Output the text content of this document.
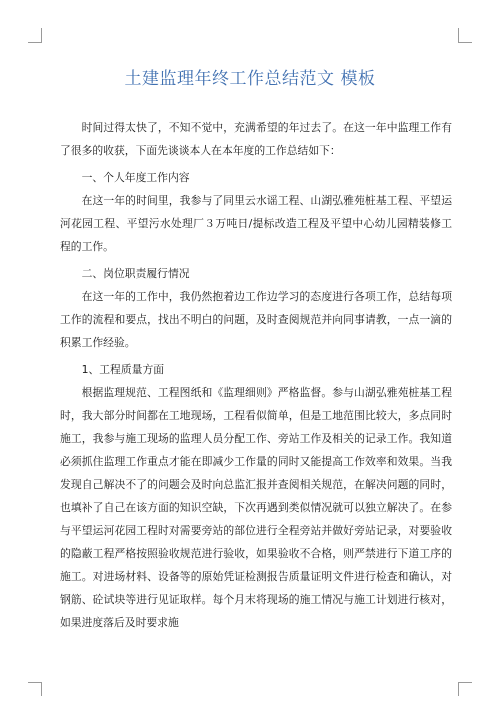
土建监理年终工作总结范文 模板

时间过得太快了，不知不觉中，充满希望的年过去了。在这一年中监理工作有了很多的收获，下面先谈谈本人在本年度的工作总结如下：

一、个人年度工作内容

在这一年的时间里，我参与了同里云水谣工程、山湖弘雅苑桩基工程、平望运河花园工程、平望污水处理厂３万吨日/提标改造工程及平望中心幼儿园精装修工程的工作。

二、岗位职责履行情况

在这一年的工作中，我仍然抱着边工作边学习的态度进行各项工作，总结每项工作的流程和要点，找出不明白的问题，及时查阅规范并向同事请教，一点一滴的积累工作经验。

1、工程质量方面

根据监理规范、工程图纸和《监理细则》严格监督。参与山湖弘雅苑桩基工程时，我大部分时间都在工地现场，工程看似简单，但是工地范围比较大，多点同时施工，我参与施工现场的监理人员分配工作、旁站工作及相关的记录工作。我知道必须抓住监理工作重点才能在即减少工作量的同时又能提高工作效率和效果。当我发现自己解决不了的问题会及时向总监汇报并查阅相关规范，在解决问题的同时，也填补了自己在该方面的知识空缺，下次再遇到类似情况就可以独立解决了。在参与平望运河花园工程时对需要旁站的部位进行全程旁站并做好旁站记录，对要验收的隐蔽工程严格按照验收规范进行验收，如果验收不合格，则严禁进行下道工序的施工。对进场材料、设备等的原始凭证检测报告质量证明文件进行检查和确认，对钢筋、砼试块等进行见证取样。每个月末将现场的施工情况与施工计划进行核对，如果进度落后及时要求施
